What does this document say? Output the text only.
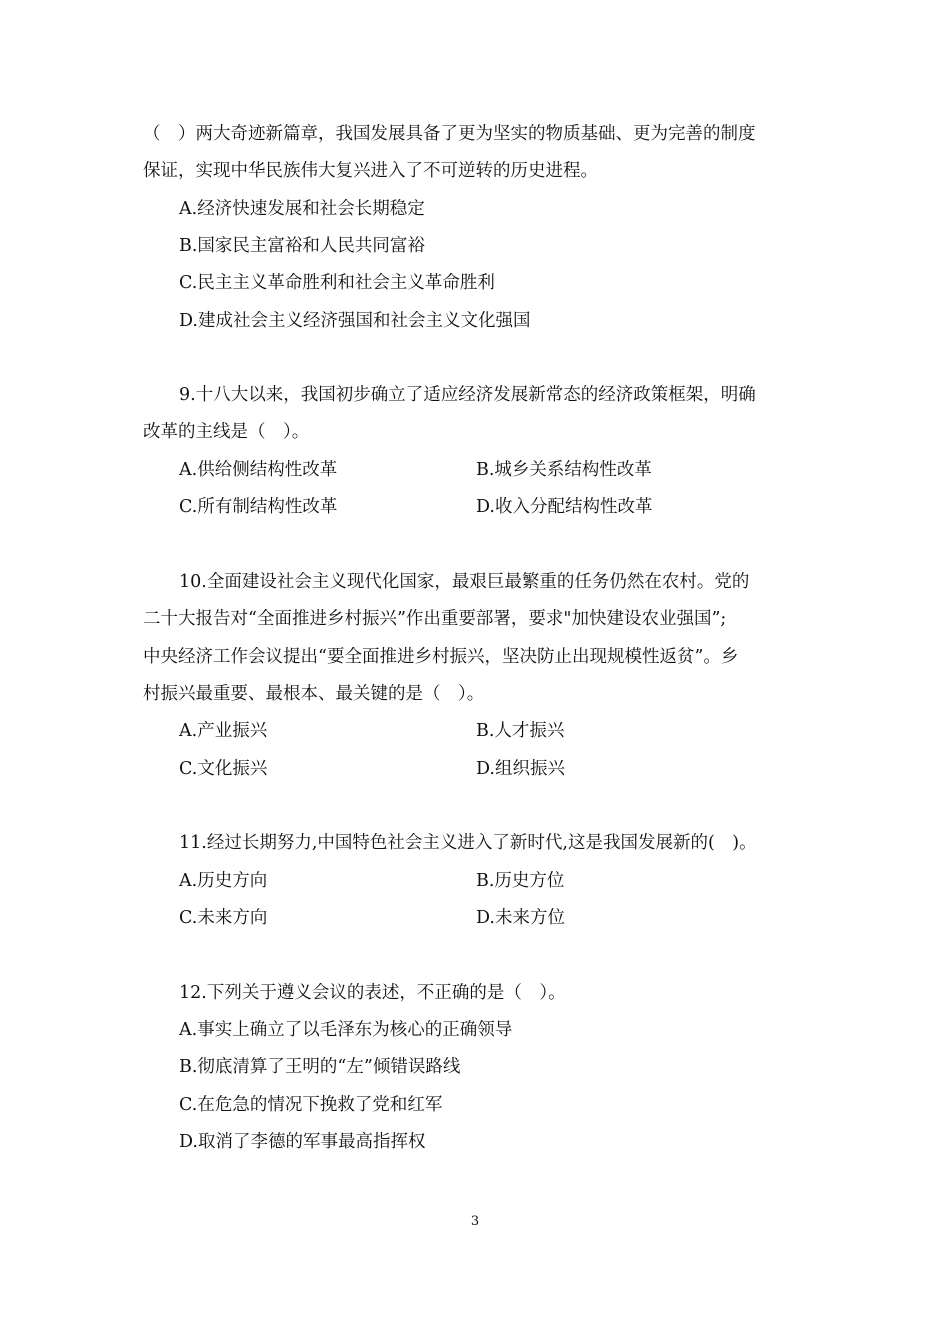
（　）两大奇迹新篇章，我国发展具备了更为坚实的物质基础、更为完善的制度
保证，实现中华民族伟大复兴进入了不可逆转的历史进程。
A.经济快速发展和社会长期稳定
B.国家民主富裕和人民共同富裕
C.民主主义革命胜利和社会主义革命胜利
D.建成社会主义经济强国和社会主义文化强国
9.十八大以来，我国初步确立了适应经济发展新常态的经济政策框架，明确
改革的主线是（　）。
A.供给侧结构性改革	B.城乡关系结构性改革
C.所有制结构性改革	D.收入分配结构性改革
10.全面建设社会主义现代化国家，最艰巨最繁重的任务仍然在农村。党的
二十大报告对“全面推进乡村振兴”作出重要部署，要求"加快建设农业强国”;
中央经济工作会议提出“要全面推进乡村振兴，坚决防止出现规模性返贫”。乡
村振兴最重要、最根本、最关键的是（　）。
A.产业振兴	B.人才振兴
C.文化振兴	D.组织振兴
11.经过长期努力,中国特色社会主义进入了新时代,这是我国发展新的(　)。
A.历史方向	B.历史方位
C.未来方向	D.未来方位
12.下列关于遵义会议的表述，不正确的是（　）。
A.事实上确立了以毛泽东为核心的正确领导
B.彻底清算了王明的“左”倾错误路线
C.在危急的情况下挽救了党和红军
D.取消了李德的军事最高指挥权
3
